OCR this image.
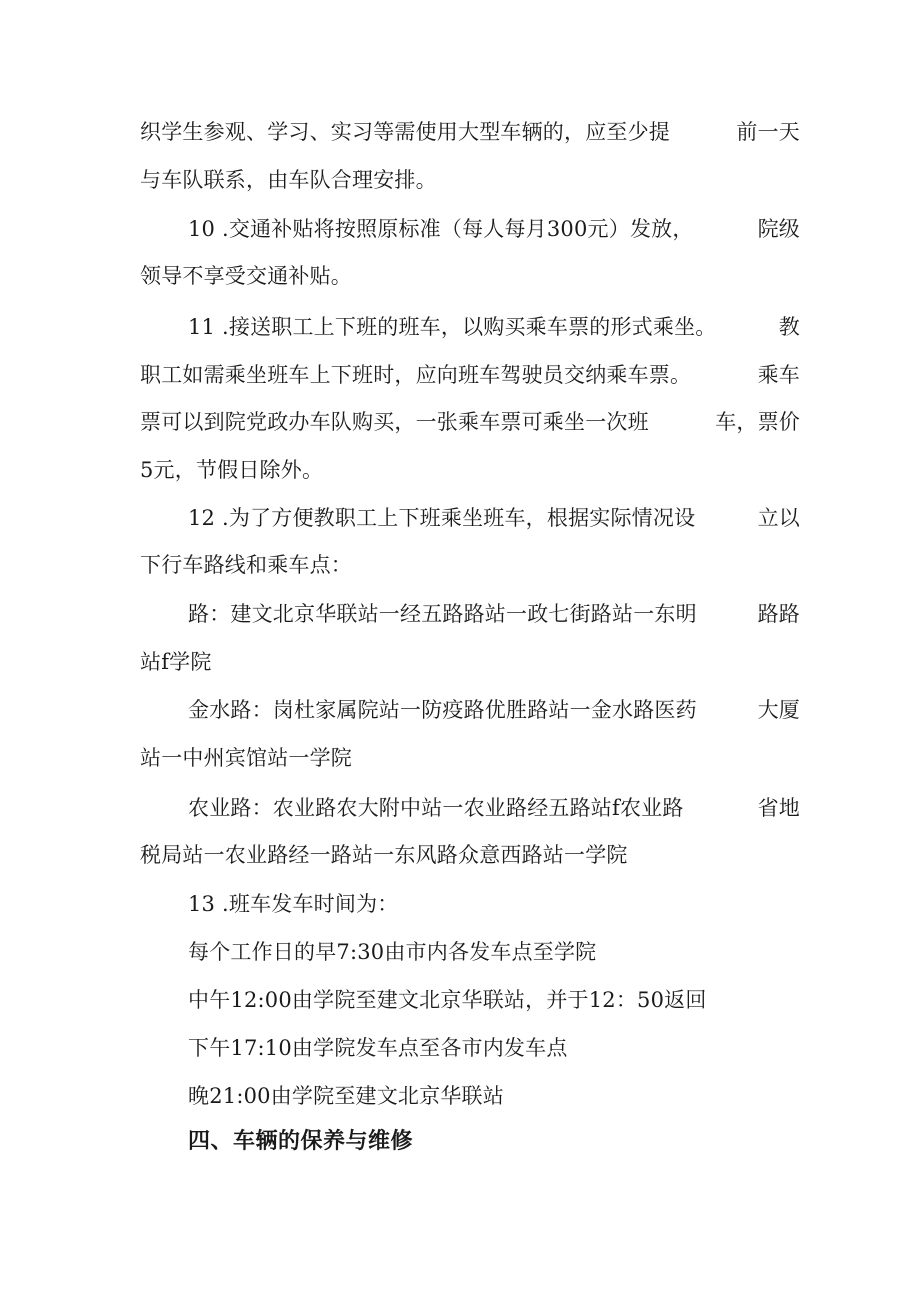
织学生参观、学习、实习等需使用大型车辆的，应至少提	前一天
与车队联系，由车队合理安排。
10 .交通补贴将按照原标准（每人每月300元）发放，	院级
领导不享受交通补贴。
11 .接送职工上下班的班车，以购买乘车票的形式乘坐。	教
职工如需乘坐班车上下班时，应向班车驾驶员交纳乘车票。	乘车
票可以到院党政办车队购买，一张乘车票可乘坐一次班	车，票价
5元，节假日除外。
12 .为了方便教职工上下班乘坐班车，根据实际情况设	立以
下行车路线和乘车点：
路：建文北京华联站一经五路路站一政七街路站一东明	路路
站f学院
金水路：岗杜家属院站一防疫路优胜路站一金水路医药	大厦
站一中州宾馆站一学院
农业路：农业路农大附中站一农业路经五路站f农业路	省地
税局站一农业路经一路站一东风路众意西路站一学院
13 .班车发车时间为：
每个工作日的早7:30由市内各发车点至学院
中午12:00由学院至建文北京华联站，并于12：50返回
下午17:10由学院发车点至各市内发车点
晚21:00由学院至建文北京华联站
四、车辆的保养与维修
